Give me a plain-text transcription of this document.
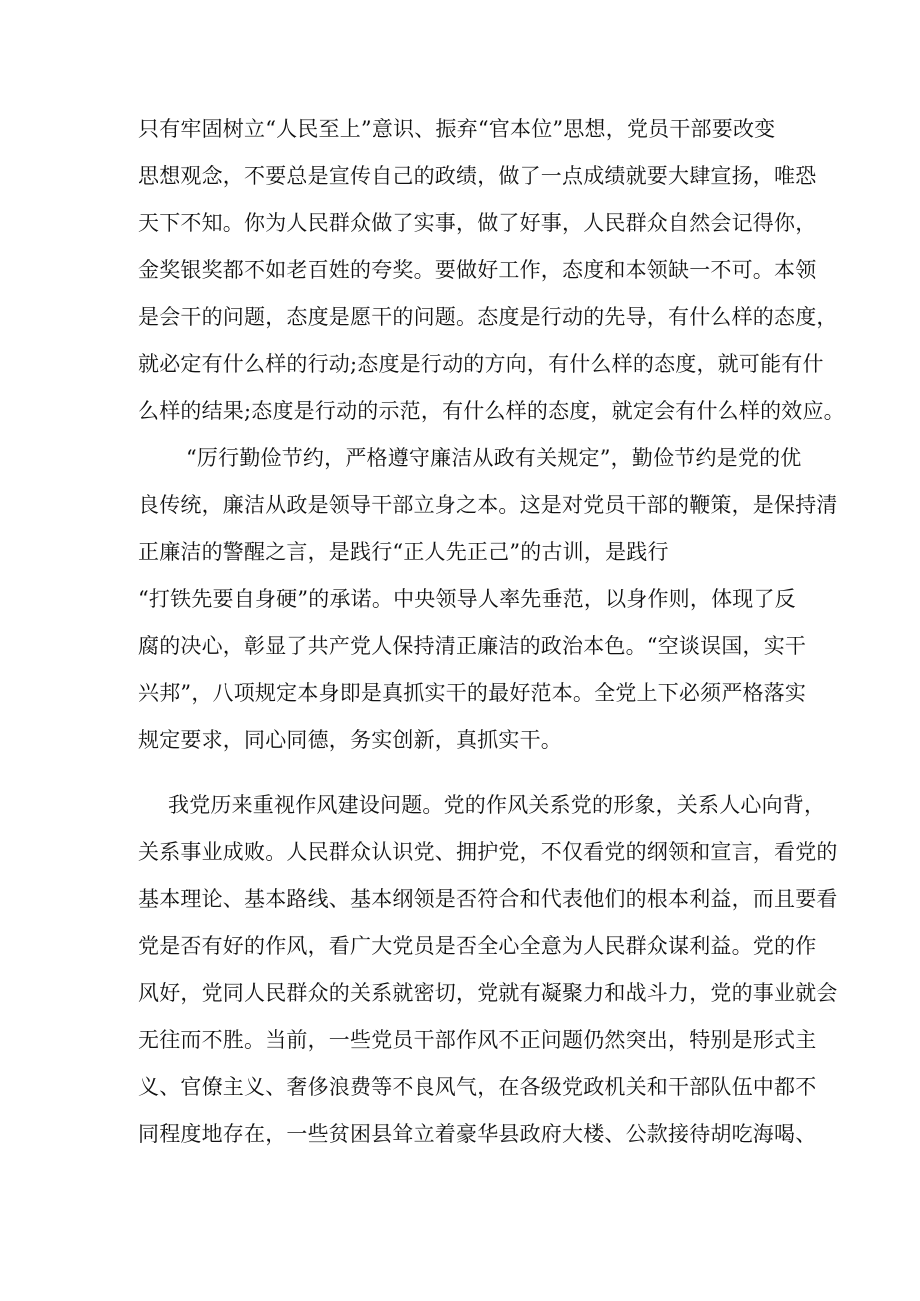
只有牢固树立“人民至上”意识、振弃“官本位”思想，党员干部要改变
思想观念，不要总是宣传自己的政绩，做了一点成绩就要大肆宣扬，唯恐
天下不知。你为人民群众做了实事，做了好事，人民群众自然会记得你，
金奖银奖都不如老百姓的夸奖。要做好工作，态度和本领缺一不可。本领
是会干的问题，态度是愿干的问题。态度是行动的先导，有什么样的态度，
就必定有什么样的行动;态度是行动的方向，有什么样的态度，就可能有什
么样的结果;态度是行动的示范，有什么样的态度，就定会有什么样的效应。
“厉行勤俭节约，严格遵守廉洁从政有关规定”，勤俭节约是党的优
良传统，廉洁从政是领导干部立身之本。这是对党员干部的鞭策，是保持清
正廉洁的警醒之言，是践行“正人先正己”的古训，是践行
“打铁先要自身硬”的承诺。中央领导人率先垂范，以身作则，体现了反
腐的决心，彰显了共产党人保持清正廉洁的政治本色。“空谈误国，实干
兴邦”，八项规定本身即是真抓实干的最好范本。全党上下必须严格落实
规定要求，同心同德，务实创新，真抓实干。
我党历来重视作风建设问题。党的作风关系党的形象，关系人心向背，
关系事业成败。人民群众认识党、拥护党，不仅看党的纲领和宣言，看党的
基本理论、基本路线、基本纲领是否符合和代表他们的根本利益，而且要看
党是否有好的作风，看广大党员是否全心全意为人民群众谋利益。党的作
风好，党同人民群众的关系就密切，党就有凝聚力和战斗力，党的事业就会
无往而不胜。当前，一些党员干部作风不正问题仍然突出，特别是形式主
义、官僚主义、奢侈浪费等不良风气，在各级党政机关和干部队伍中都不
同程度地存在，一些贫困县耸立着豪华县政府大楼、公款接待胡吃海喝、
